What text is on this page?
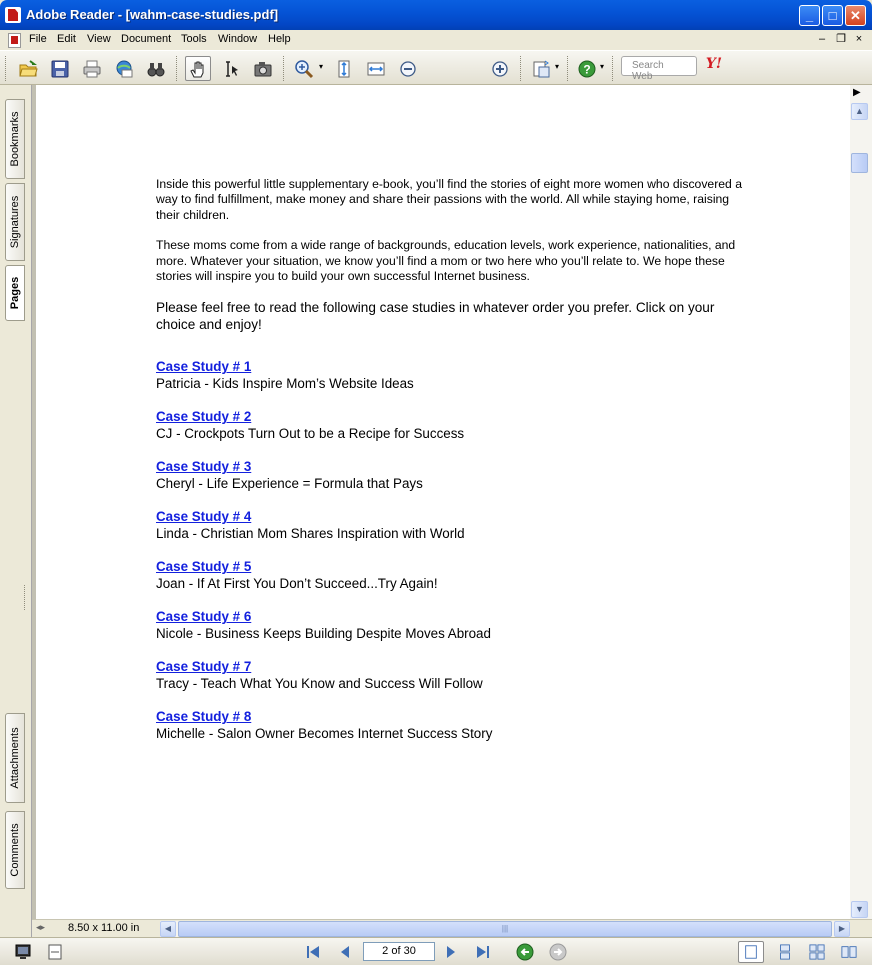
Adobe Reader - [wahm-case-studies.pdf]	_	□	✕
File Edit View Document Tools Window Help	–	❐ ×
▾	▾ ? ▾	Search Web
Y!
Bookmarks
Signatures
Pages
Attachments
Comments

Inside this powerful little supplementary e-book, you’ll find the stories of eight more women who discovered a way to find fulfillment, make money and share their passions with the world. All while staying home, raising their children.

These moms come from a wide range of backgrounds, education levels, work experience, nationalities, and more. Whatever your situation, we know you’ll find a mom or two here who you’ll relate to. We hope these stories will inspire you to build your own successful Internet business.

Please feel free to read the following case studies in whatever order you prefer. Click on your choice and enjoy!

Case Study # 1
Patricia - Kids Inspire Mom’s Website Ideas
Case Study # 2
CJ - Crockpots Turn Out to be a Recipe for Success
Case Study # 3
Cheryl - Life Experience = Formula that Pays
Case Study # 4
Linda - Christian Mom Shares Inspiration with World
Case Study # 5
Joan - If At First You Don’t Succeed...Try Again!
Case Study # 6
Nicole - Business Keeps Building Despite Moves Abroad
Case Study # 7
Tracy - Teach What You Know and Success Will Follow
Case Study # 8
Michelle - Salon Owner Becomes Internet Success Story
▶
▲
▼
◂▸ 8.50 x 11.00 in	◀	|||	▶
2 of 30
